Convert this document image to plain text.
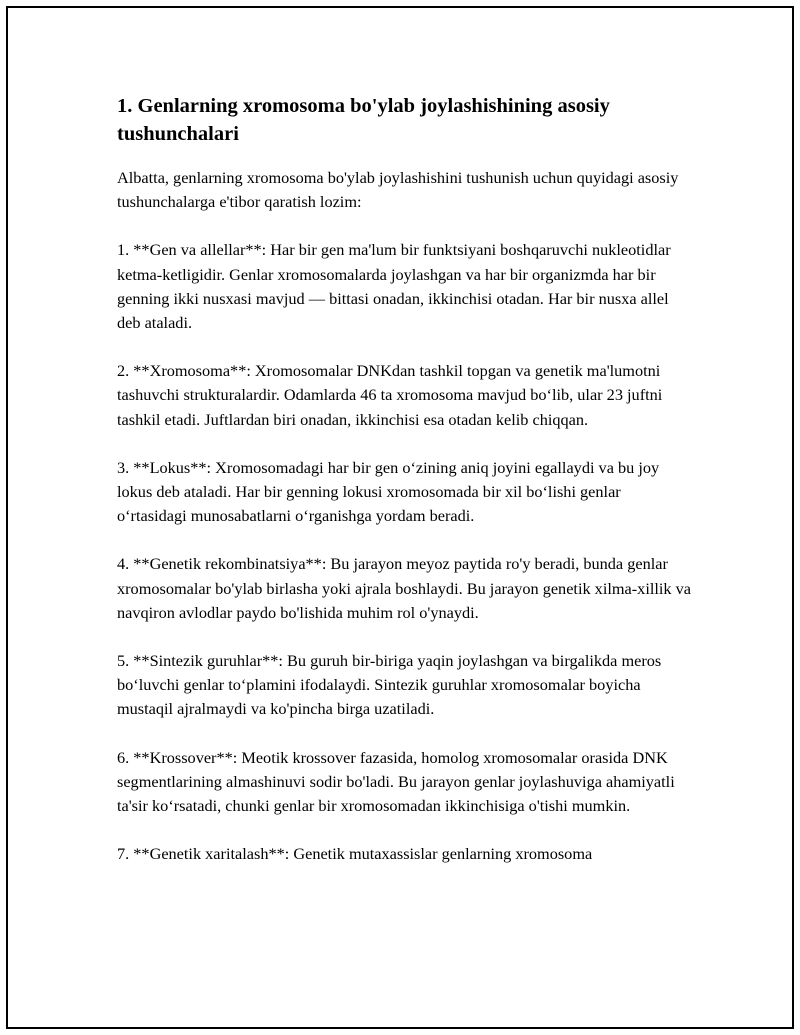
1. Genlarning xromosoma bo'ylab joylashishining asosiy tushunchalari

Albatta, genlarning xromosoma bo'ylab joylashishini tushunish uchun quyidagi asosiy tushunchalarga e'tibor qaratish lozim:

1. **Gen va allellar**: Har bir gen ma'lum bir funktsiyani boshqaruvchi nukleotidlar ketma-ketligidir. Genlar xromosomalarda joylashgan va har bir organizmda har bir genning ikki nusxasi mavjud — bittasi onadan, ikkinchisi otadan. Har bir nusxa allel deb ataladi.

2. **Xromosoma**: Xromosomalar DNKdan tashkil topgan va genetik ma'lumotni tashuvchi strukturalardir. Odamlarda 46 ta xromosoma mavjud bo‘lib, ular 23 juftni tashkil etadi. Juftlardan biri onadan, ikkinchisi esa otadan kelib chiqqan.

3. **Lokus**: Xromosomadagi har bir gen o‘zining aniq joyini egallaydi va bu joy lokus deb ataladi. Har bir genning lokusi xromosomada bir xil bo‘lishi genlar o‘rtasidagi munosabatlarni o‘rganishga yordam beradi.

4. **Genetik rekombinatsiya**: Bu jarayon meyoz paytida ro'y beradi, bunda genlar xromosomalar bo'ylab birlasha yoki ajrala boshlaydi. Bu jarayon genetik xilma-xillik va navqiron avlodlar paydo bo'lishida muhim rol o'ynaydi.

5. **Sintezik guruhlar**: Bu guruh bir-biriga yaqin joylashgan va birgalikda meros bo‘luvchi genlar to‘plamini ifodalaydi. Sintezik guruhlar xromosomalar boyicha mustaqil ajralmaydi va ko'pincha birga uzatiladi.

6. **Krossover**: Meotik krossover fazasida, homolog xromosomalar orasida DNK segmentlarining almashinuvi sodir bo'ladi. Bu jarayon genlar joylashuviga ahamiyatli ta'sir ko‘rsatadi, chunki genlar bir xromosomadan ikkinchisiga o'tishi mumkin.

7. **Genetik xaritalash**: Genetik mutaxassislar genlarning xromosoma
